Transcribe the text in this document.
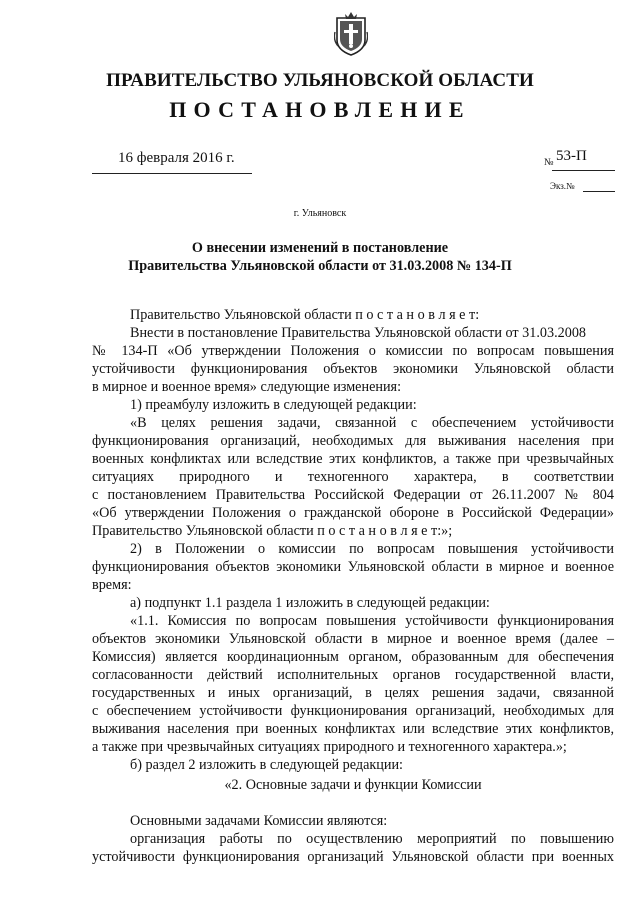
ПРАВИТЕЛЬСТВО УЛЬЯНОВСКОЙ ОБЛАСТИ
ПОСТАНОВЛЕНИЕ
16 февраля 2016 г.	№ 53-П
Экз.№
г. Ульяновск
О внесении изменений в постановление
Правительства Ульяновской области от 31.03.2008 № 134-П
Правительство Ульяновской области п о с т а н о в л я е т:
Внести в постановление Правительства Ульяновской области от 31.03.2008
№ 134-П «Об утверждении Положения о комиссии по вопросам повышения
устойчивости функционирования объектов экономики Ульяновской области
в мирное и военное время» следующие изменения:
1) преамбулу изложить в следующей редакции:
«В целях решения задачи, связанной с обеспечением устойчивости
функционирования организаций, необходимых для выживания населения при
военных конфликтах или вследствие этих конфликтов, а также при чрезвычайных
ситуациях природного и техногенного характера, в соответствии
с постановлением Правительства Российской Федерации от 26.11.2007 № 804
«Об утверждении Положения о гражданской обороне в Российской Федерации»
Правительство Ульяновской области п о с т а н о в л я е т:»;
2) в Положении о комиссии по вопросам повышения устойчивости
функционирования объектов экономики Ульяновской области в мирное и военное
время:
а) подпункт 1.1 раздела 1 изложить в следующей редакции:
«1.1. Комиссия по вопросам повышения устойчивости функционирования
объектов экономики Ульяновской области в мирное и военное время (далее –
Комиссия) является координационным органом, образованным для обеспечения
согласованности действий исполнительных органов государственной власти,
государственных и иных организаций, в целях решения задачи, связанной
с обеспечением устойчивости функционирования организаций, необходимых для
выживания населения при военных конфликтах или вследствие этих конфликтов,
а также при чрезвычайных ситуациях природного и техногенного характера.»;
б) раздел 2 изложить в следующей редакции:
«2. Основные задачи и функции Комиссии
Основными задачами Комиссии являются:
организация работы по осуществлению мероприятий по повышению
устойчивости функционирования организаций Ульяновской области при военных
